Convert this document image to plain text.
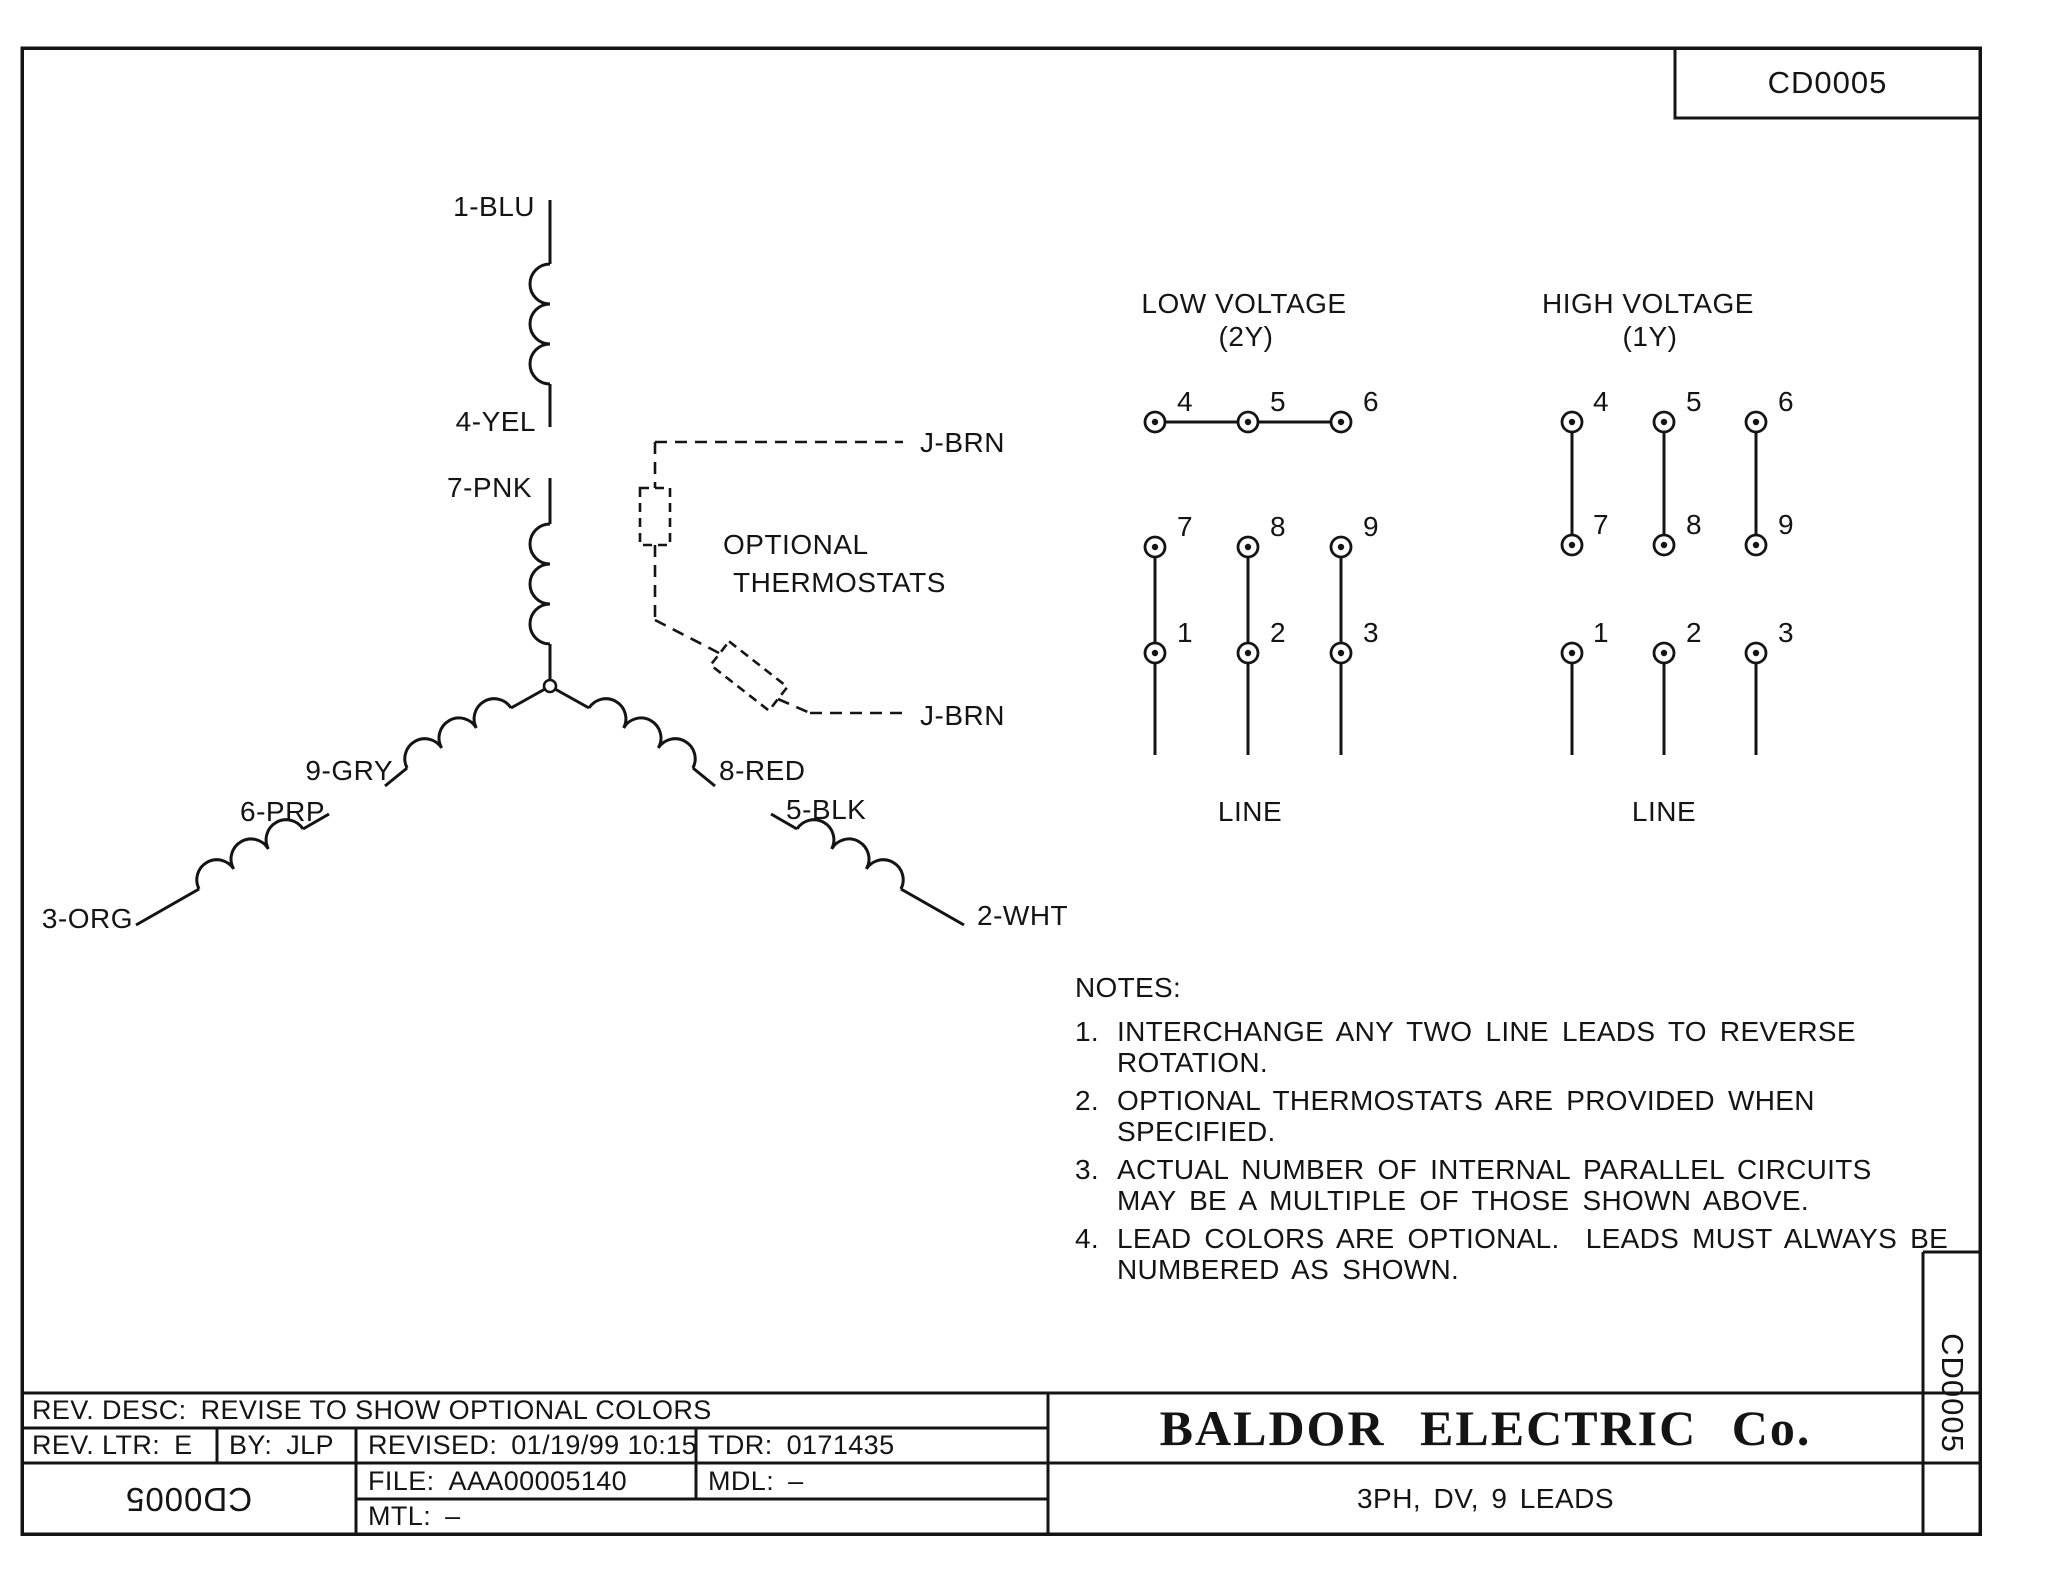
1-BLU
4-YEL
7-PNK
9-GRY
6-PRP
3-ORG
8-RED
5-BLK
2-WHT
J-BRN
J-BRN
OPTIONAL
THERMOSTATS
LOW VOLTAGE
(2Y)
4	5	6
7	8	9
1	2	3
LINE
HIGH VOLTAGE
(1Y)
4	5	6
7	8	9
1	2	3
LINE
CD0005
CD0005
NOTES:
1. INTERCHANGE ANY TWO LINE LEADS TO REVERSE
ROTATION.
2. OPTIONAL THERMOSTATS ARE PROVIDED WHEN
SPECIFIED.
3. ACTUAL NUMBER OF INTERNAL PARALLEL CIRCUITS
MAY BE A MULTIPLE OF THOSE SHOWN ABOVE.
4. LEAD COLORS ARE OPTIONAL.  LEADS MUST ALWAYS BE
NUMBERED AS SHOWN.
REV. DESC: REVISE TO SHOW OPTIONAL COLORS
REV. LTR: E BY: JLP REVISED: 01/19/99 10:15 TDR: 0171435
FILE: AAA00005140	MDL: –
MTL: –
CD0005
BALDOR ELECTRIC Co.
3PH, DV, 9 LEADS
